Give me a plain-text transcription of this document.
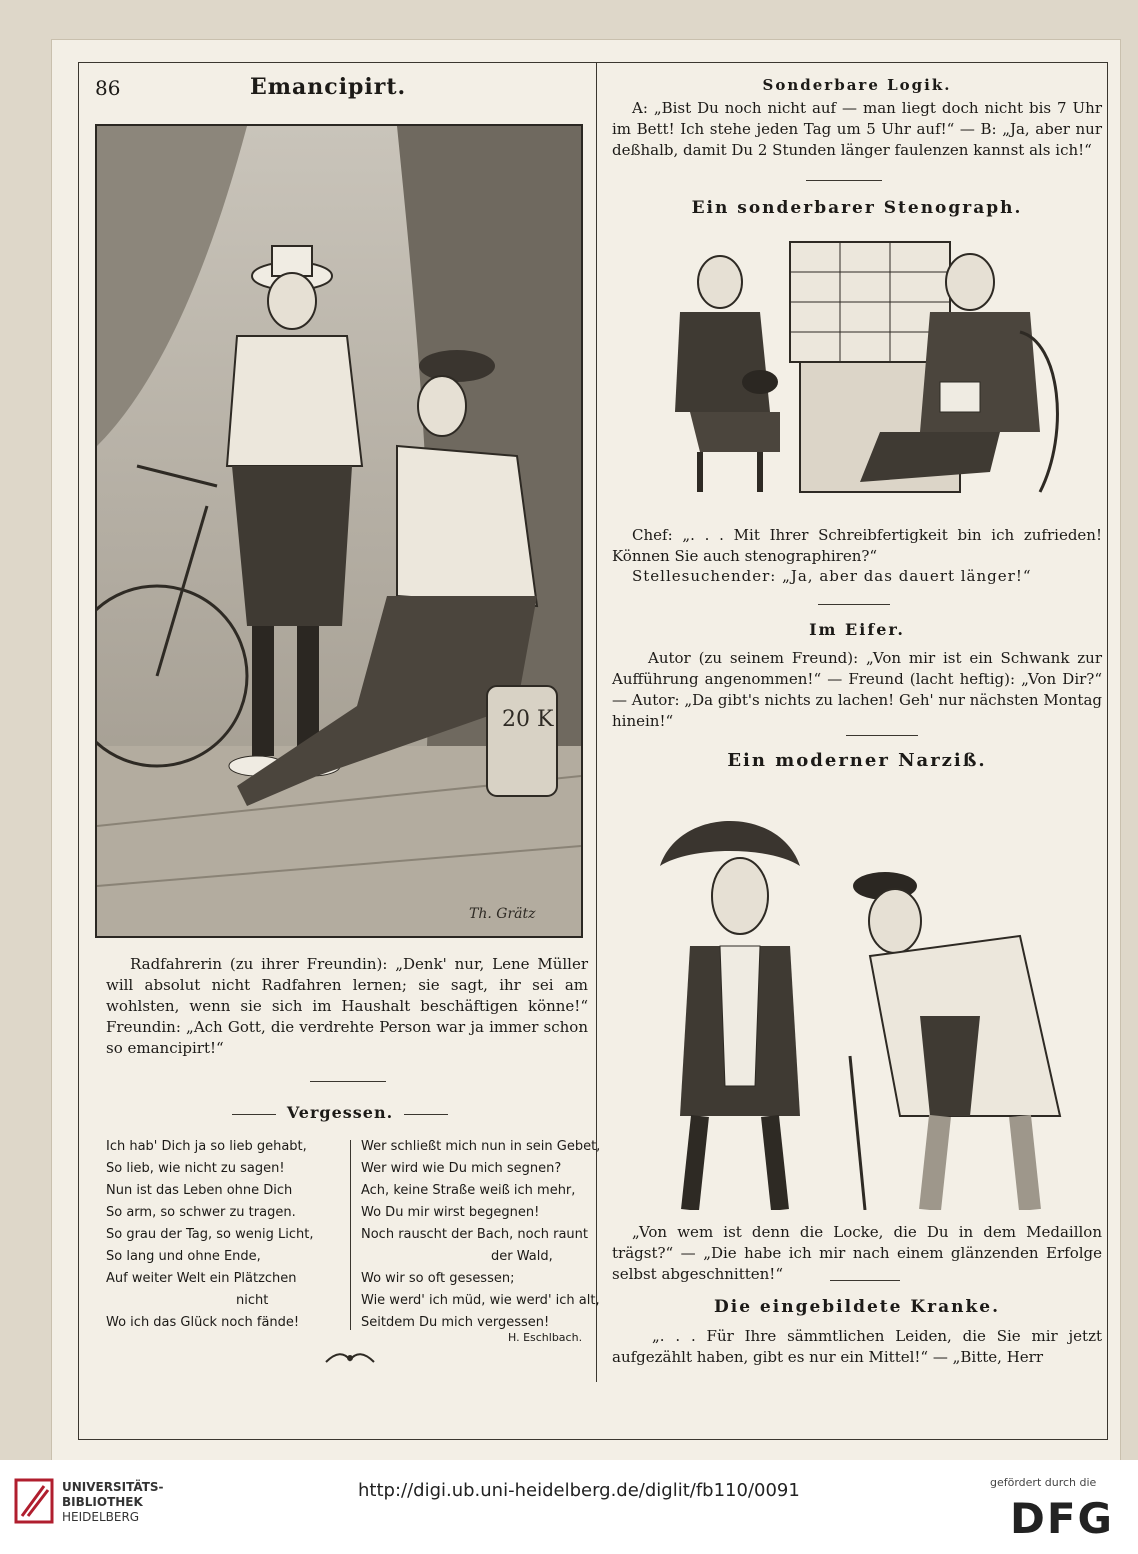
86	Emancipirt.
20 K
Th. Grätz
Radfahrerin (zu ihrer Freundin): „Denk' nur, Lene Müller will absolut nicht Radfahren lernen; sie sagt, ihr sei am wohlsten, wenn sie sich im Haushalt beschäftigen könne!“ Freundin: „Ach Gott, die verdrehte Person war ja immer schon so emancipirt!“
Vergessen.
Ich hab' Dich ja so lieb gehabt,
So lieb, wie nicht zu sagen!
Nun ist das Leben ohne Dich
So arm, so schwer zu tragen.
So grau der Tag, so wenig Licht,
So lang und ohne Ende,
Auf weiter Welt ein Plätzchen
nicht
Wo ich das Glück noch fände!
Wer schließt mich nun in sein Gebet,
Wer wird wie Du mich segnen?
Ach, keine Straße weiß ich mehr,
Wo Du mir wirst begegnen!
Noch rauscht der Bach, noch raunt
der Wald,
Wo wir so oft gesessen;
Wie werd' ich müd, wie werd' ich alt,
Seitdem Du mich vergessen!
H. Eschlbach.
Sonderbare Logik.
A: „Bist Du noch nicht auf — man liegt doch nicht bis 7 Uhr im Bett! Ich stehe jeden Tag um 5 Uhr auf!“ — B: „Ja, aber nur deßhalb, damit Du 2 Stunden länger faulenzen kannst als ich!“
Ein sonderbarer Stenograph.
Chef: „. . . Mit Ihrer Schreibfertigkeit bin ich zufrieden! Können Sie auch stenographiren?“
Stellesuchender: „Ja, aber das dauert länger!“
Im Eifer.
Autor (zu seinem Freund): „Von mir ist ein Schwank zur Aufführung angenommen!“ — Freund (lacht heftig): „Von Dir?“ — Autor: „Da gibt's nichts zu lachen! Geh' nur nächsten Montag hinein!“
Ein moderner Narziß.
„Von wem ist denn die Locke, die Du in dem Medaillon trägst?“ — „Die habe ich mir nach einem glänzenden Erfolge selbst abgeschnitten!“
Die eingebildete Kranke.
„. . . Für Ihre sämmtlichen Leiden, die Sie mir jetzt aufgezählt haben, gibt es nur ein Mittel!“ — „Bitte, Herr
UNIVERSITÄTS-
BIBLIOTHEK
HEIDELBERG
http://digi.ub.uni-heidelberg.de/diglit/fb110/0091	gefördert durch die
DFG
